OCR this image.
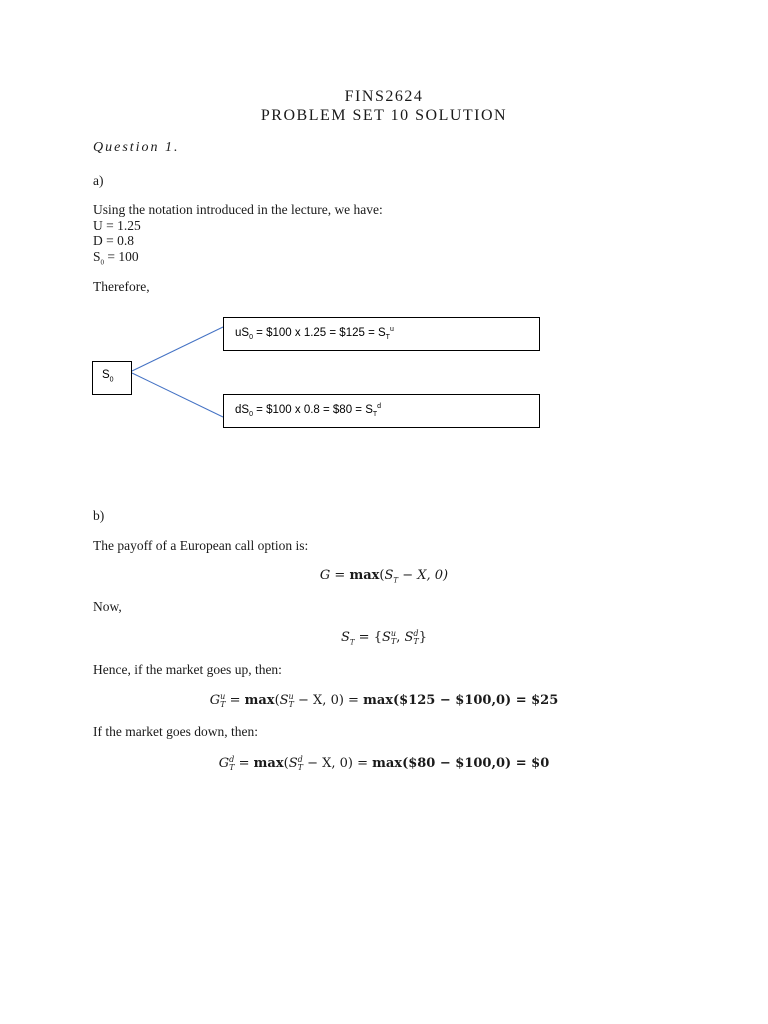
FINS2624
PROBLEM SET 10 SOLUTION
Question 1.
a)
Using the notation introduced in the lecture, we have:
U = 1.25
D = 0.8
$S_0 = 100$
Therefore,
$S_0$
$uS_0$ = $100 x 1.25 = $125 = $S_T^u$
$dS_0$ = $100 x 0.8 = $80 = $S_T^d$
b)
The payoff of a European call option is:
$G = \max(S_T - X$, 0)
Now,
$S_T = \{Su$
T, Sd
T}
Hence, if the market goes up, then:
Gu
T = max(Su
T − X, 0) = max($125 − $100,0) = $25
If the market goes down, then:
Gd
T = max(Sd
T − X, 0) = max($80 − $100,0) = $0
